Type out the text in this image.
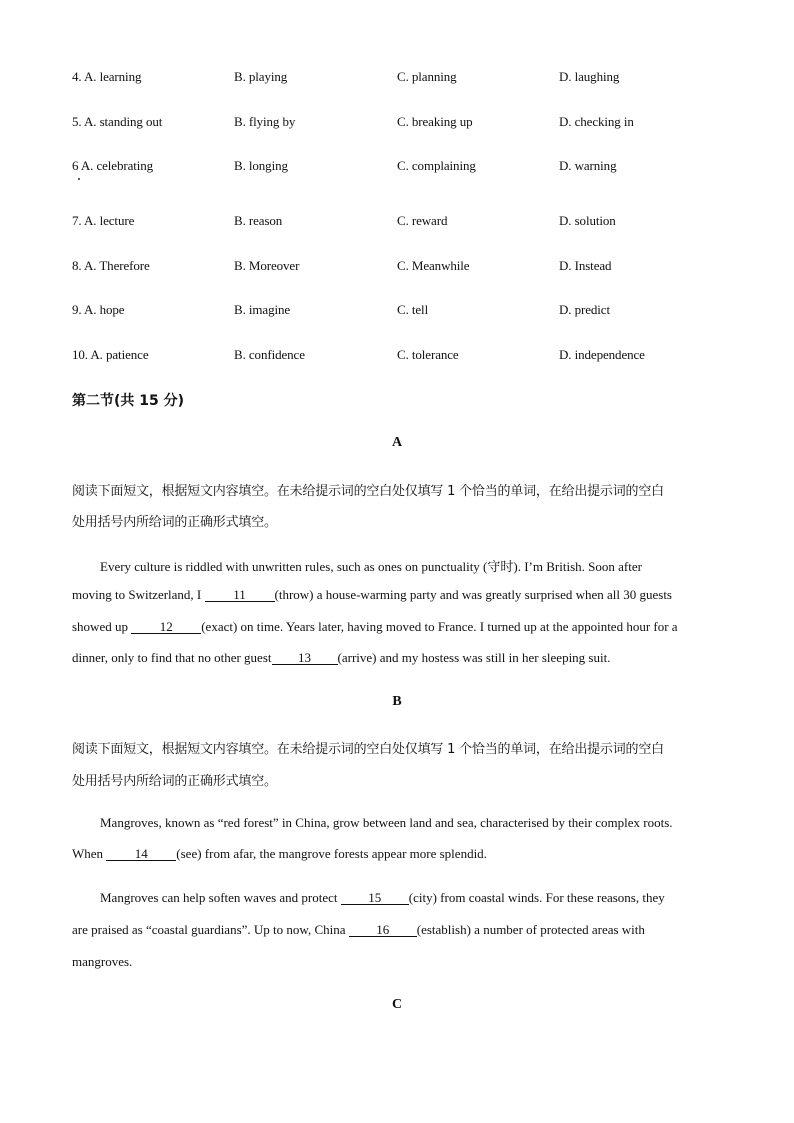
4. A. learning	B. playing	C. planning	D. laughing
5. A. standing out	B. flying by	C. breaking up	D. checking in
6 A. celebrating	B. longing	C. complaining	D. warning
7. A. lecture	B. reason	C. reward	D. solution
8. A. Therefore	B. Moreover	C. Meanwhile	D. Instead
9. A. hope	B. imagine	C. tell	D. predict
10. A. patience	B. confidence	C. tolerance	D. independence
第二节(共 15 分)
A
阅读下面短文，根据短文内容填空。在未给提示词的空白处仅填写 1 个恰当的单词，在给出提示词的空白
处用括号内所给词的正确形式填空。
Every culture is riddled with unwritten rules, such as ones on punctuality (守时). I’m British. Soon after
moving to Switzerland, I 11 (throw) a house-warming party and was greatly surprised when all 30 guests
showed up 12 (exact) on time. Years later, having moved to France. I turned up at the appointed hour for a
dinner, only to find that no other guest 13 (arrive) and my hostess was still in her sleeping suit.
B
阅读下面短文，根据短文内容填空。在未给提示词的空白处仅填写 1 个恰当的单词，在给出提示词的空白
处用括号内所给词的正确形式填空。
Mangroves, known as “red forest” in China, grow between land and sea, characterised by their complex roots.
When 14 (see) from afar, the mangrove forests appear more splendid.
Mangroves can help soften waves and protect 15 (city) from coastal winds. For these reasons, they
are praised as “coastal guardians”. Up to now, China 16 (establish) a number of protected areas with
mangroves.
C
